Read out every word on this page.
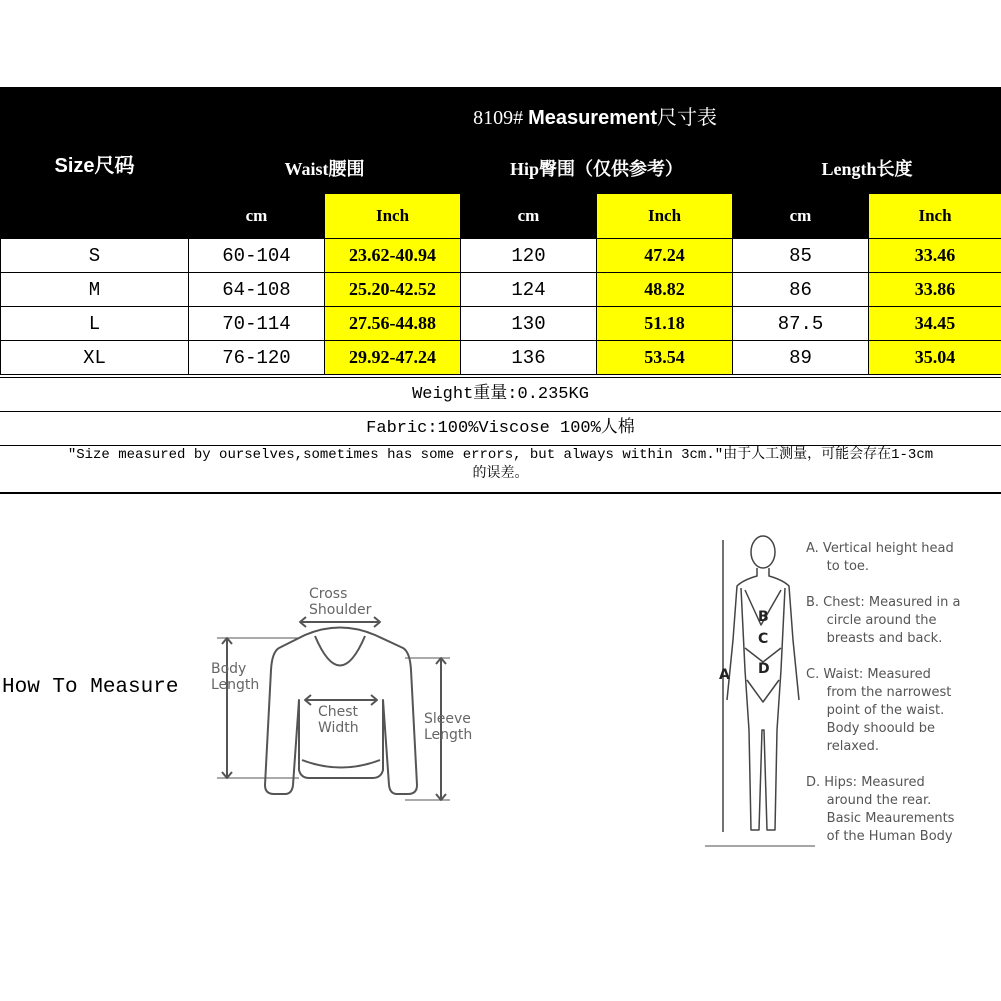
Size尺码	8109# Measurement尺寸表					
	Waist腰围		Hip臀围（仅供参考）		Length长度	
	cm	Inch	cm	Inch	cm	Inch
S	60-104	23.62-40.94	120	47.24	85	33.46
M	64-108	25.20-42.52	124	48.82	86	33.86
L	70-114	27.56-44.88	130	51.18	87.5	34.45
XL	76-120	29.92-47.24	136	53.54	89	35.04
Weight重量:0.235KG
Fabric:100%Viscose 100%人棉
"Size measured by ourselves,sometimes has some errors, but always within 3cm."由于人工测量，可能会存在1-3cm
的误差。
How To Measure
Cross
Shoulder
Body
Length
Chest
Width
Sleeve
Length
A
B
C
D
A. Vertical height head
to toe.
B. Chest: Measured in a
circle around the
breasts and back.
C. Waist: Measured
from the narrowest
point of the waist.
Body shoould be
relaxed.
D. Hips: Measured
around the rear.
Basic Meaurements
of the Human Body
